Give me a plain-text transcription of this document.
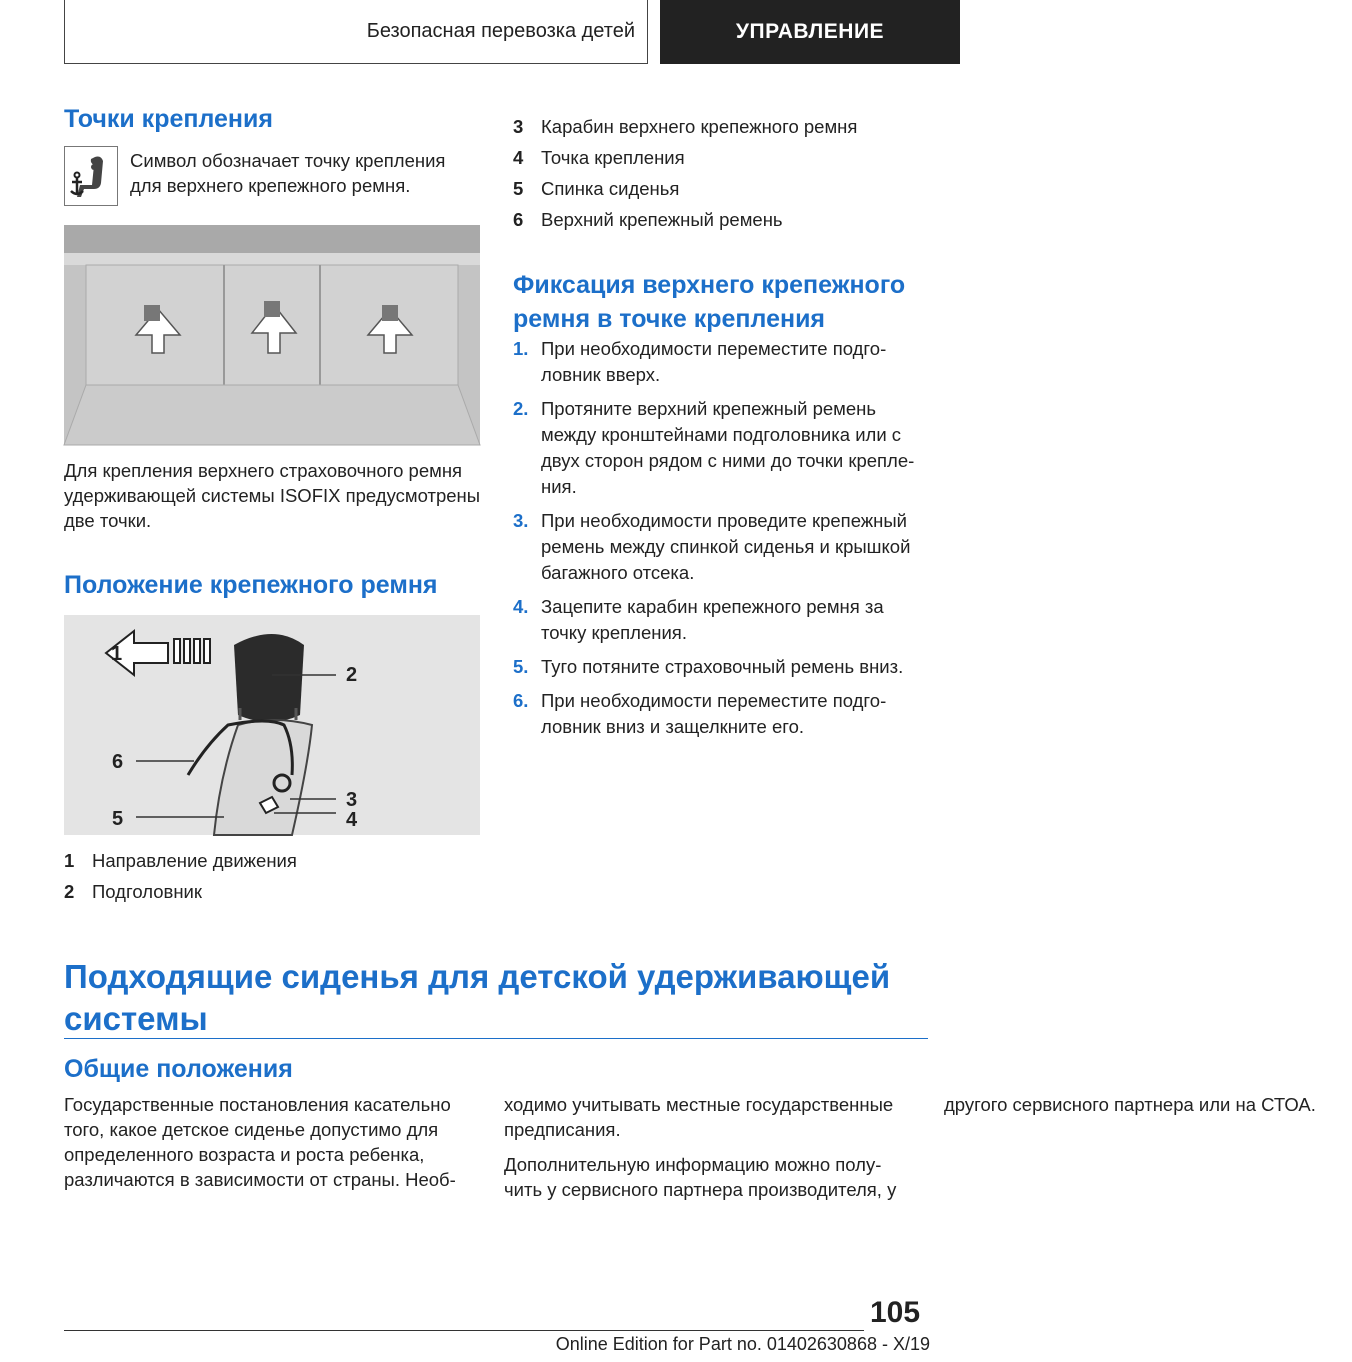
Безопасная перевозка детей	УПРАВЛЕНИЕ
Точки крепления
Символ обозначает точку крепления для верхнего крепежного ремня.
Для крепления верхнего страховочного ремня удерживающей системы ISOFIX предусмотрены две точки.
Положение крепежного ремня
1
2
3
4
5
6
1 Направление движения
2 Подголовник
3 Карабин верхнего крепежного ремня
4 Точка крепления
5 Спинка сиденья
6 Верхний крепежный ремень
Фиксация верхнего крепежного ремня в точке крепления
1. При необходимости переместите подголовник вверх.
2. Протяните верхний крепежный ремень между кронштейнами подголовника или с двух сторон рядом с ними до точки крепления.
3. При необходимости проведите крепежный ремень между спинкой сиденья и крышкой багажного отсека.
4. Зацепите карабин крепежного ремня за точку крепления.
5. Туго потяните страховочный ремень вниз.
6. При необходимости переместите подголовник вниз и защелкните его.
Подходящие сиденья для детской удерживающей системы
Общие положения

Государственные постановления касательно того, какое детское сиденье допустимо для определенного возраста и роста ребенка, различаются в зависимости от страны. Необходимо учитывать местные государственные предписания.

Дополнительную информацию можно получить у сервисного партнера производителя, у другого сервисного партнера или на СТОА.

105
Online Edition for Part no. 01402630868 - X/19
